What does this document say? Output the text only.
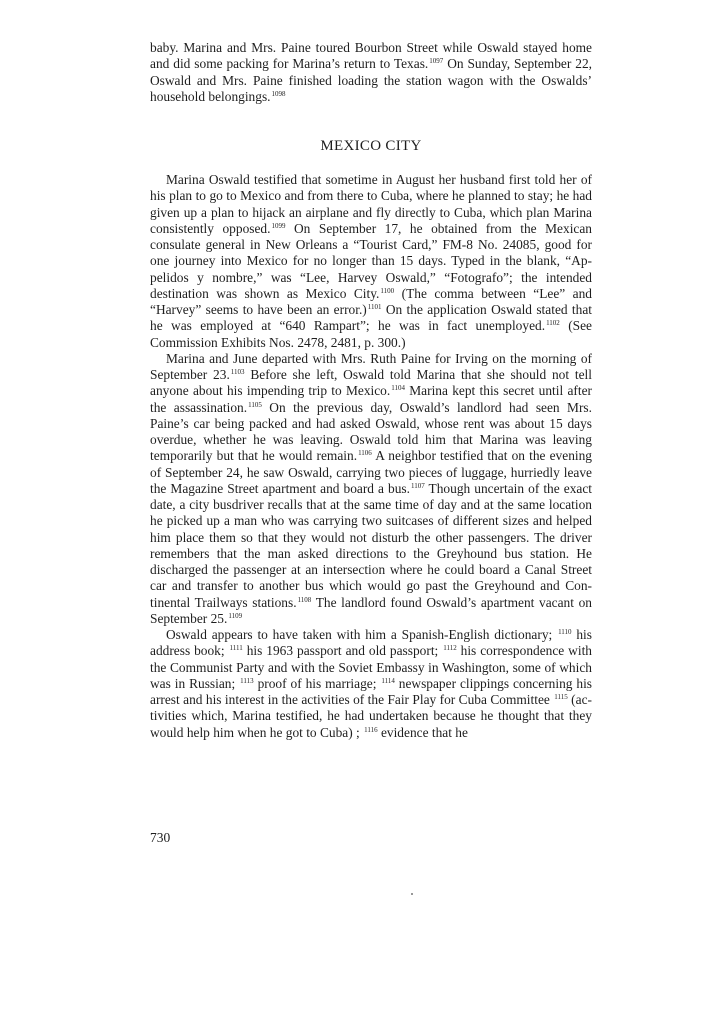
baby. Marina and Mrs. Paine toured Bourbon Street while Oswald stayed home and did some packing for Marina’s return to Texas.$^{1097}$ On Sunday, September 22, Oswald and Mrs. Paine finished loading the station wagon with the Oswalds’ household belongings.$^{1098}$

MEXICO CITY

Marina Oswald testified that sometime in August her husband first told her of his plan to go to Mexico and from there to Cuba, where he planned to stay; he had given up a plan to hijack an airplane and fly directly to Cuba, which plan Marina consistently opposed.$^{1099}$ On September 17, he obtained from the Mexican consulate general in New Orleans a “Tourist Card,” FM-8 No. 24085, good for one journey into Mexico for no longer than 15 days. Typed in the blank, “Appelidos y nombre,” was “Lee, Harvey Oswald,” “Fotografo”; the intended destination was shown as Mexico City.$^{1100}$ (The comma between “Lee” and “Harvey” seems to have been an error.)$^{1101}$ On the application Oswald stated that he was employed at “640 Rampart”; he was in fact unemployed.$^{1102}$ (See Commission Exhibits Nos. 2478, 2481, p. 300.)

Marina and June departed with Mrs. Ruth Paine for Irving on the morning of September 23.$^{1103}$ Before she left, Oswald told Marina that she should not tell anyone about his impending trip to Mexico.$^{1104}$ Marina kept this secret until after the assassination.$^{1105}$ On the previous day, Oswald’s landlord had seen Mrs. Paine’s car being packed and had asked Oswald, whose rent was about 15 days overdue, whether he was leaving. Oswald told him that Marina was leaving temporarily but that he would remain.$^{1106}$ A neighbor testified that on the evening of September 24, he saw Oswald, carrying two pieces of luggage, hurriedly leave the Magazine Street apartment and board a bus.$^{1107}$ Though uncertain of the exact date, a city busdriver recalls that at the same time of day and at the same location he picked up a man who was carrying two suitcases of different sizes and helped him place them so that they would not disturb the other passengers. The driver remembers that the man asked directions to the Greyhound bus station. He discharged the passenger at an intersection where he could board a Canal Street car and transfer to another bus which would go past the Greyhound and Continental Trailways stations.$^{1108}$ The landlord found Oswald’s apartment vacant on September 25.$^{1109}$

Oswald appears to have taken with him a Spanish-English dictionary; $^{1110}$ his address book; $^{1111}$ his 1963 passport and old passport; $^{1112}$ his correspondence with the Communist Party and with the Soviet Embassy in Washington, some of which was in Russian; $^{1113}$ proof of his marriage; $^{1114}$ newspaper clippings concerning his arrest and his interest in the activities of the Fair Play for Cuba Committee $^{1115}$ (activities which, Marina testified, he had undertaken because he thought that they would help him when he got to Cuba) ; $^{1116}$ evidence that he

730
